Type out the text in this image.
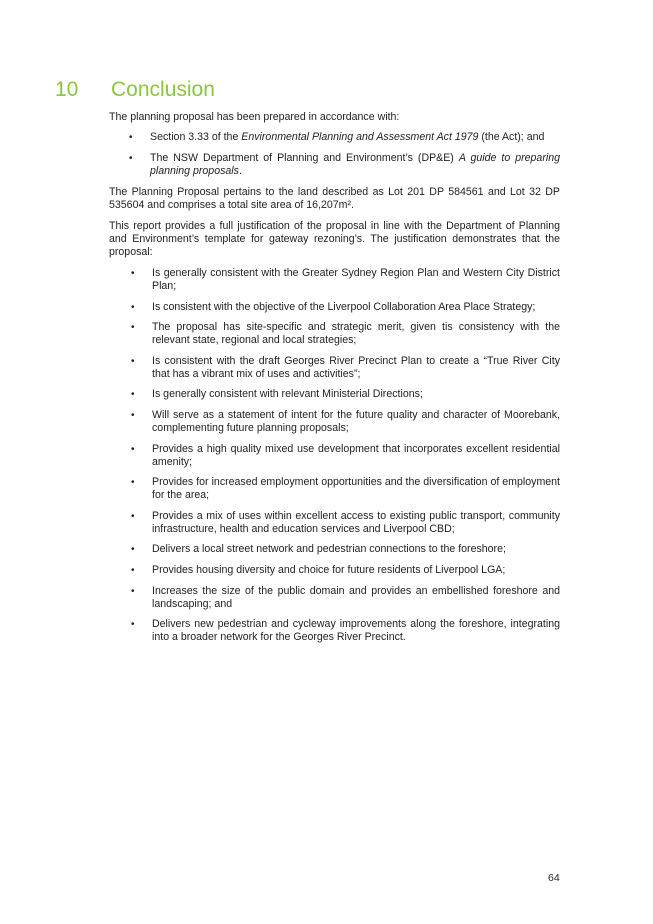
10	Conclusion

The planning proposal has been prepared in accordance with:

• Section 3.33 of the Environmental Planning and Assessment Act 1979 (the Act); and
• The NSW Department of Planning and Environment’s (DP&E) A guide to preparing planning proposals.

The Planning Proposal pertains to the land described as Lot 201 DP 584561 and Lot 32 DP 535604 and comprises a total site area of 16,207m².

This report provides a full justification of the proposal in line with the Department of Planning and Environment’s template for gateway rezoning’s. The justification demonstrates that the proposal:

• Is generally consistent with the Greater Sydney Region Plan and Western City District Plan;
• Is consistent with the objective of the Liverpool Collaboration Area Place Strategy;
• The proposal has site-specific and strategic merit, given tis consistency with the relevant state, regional and local strategies;
• Is consistent with the draft Georges River Precinct Plan to create a “True River City that has a vibrant mix of uses and activities”;
• Is generally consistent with relevant Ministerial Directions;
• Will serve as a statement of intent for the future quality and character of Moorebank, complementing future planning proposals;
• Provides a high quality mixed use development that incorporates excellent residential amenity;
• Provides for increased employment opportunities and the diversification of employment for the area;
• Provides a mix of uses within excellent access to existing public transport, community infrastructure, health and education services and Liverpool CBD;
• Delivers a local street network and pedestrian connections to the foreshore;
• Provides housing diversity and choice for future residents of Liverpool LGA;
• Increases the size of the public domain and provides an embellished foreshore and landscaping; and
• Delivers new pedestrian and cycleway improvements along the foreshore, integrating into a broader network for the Georges River Precinct.
64
